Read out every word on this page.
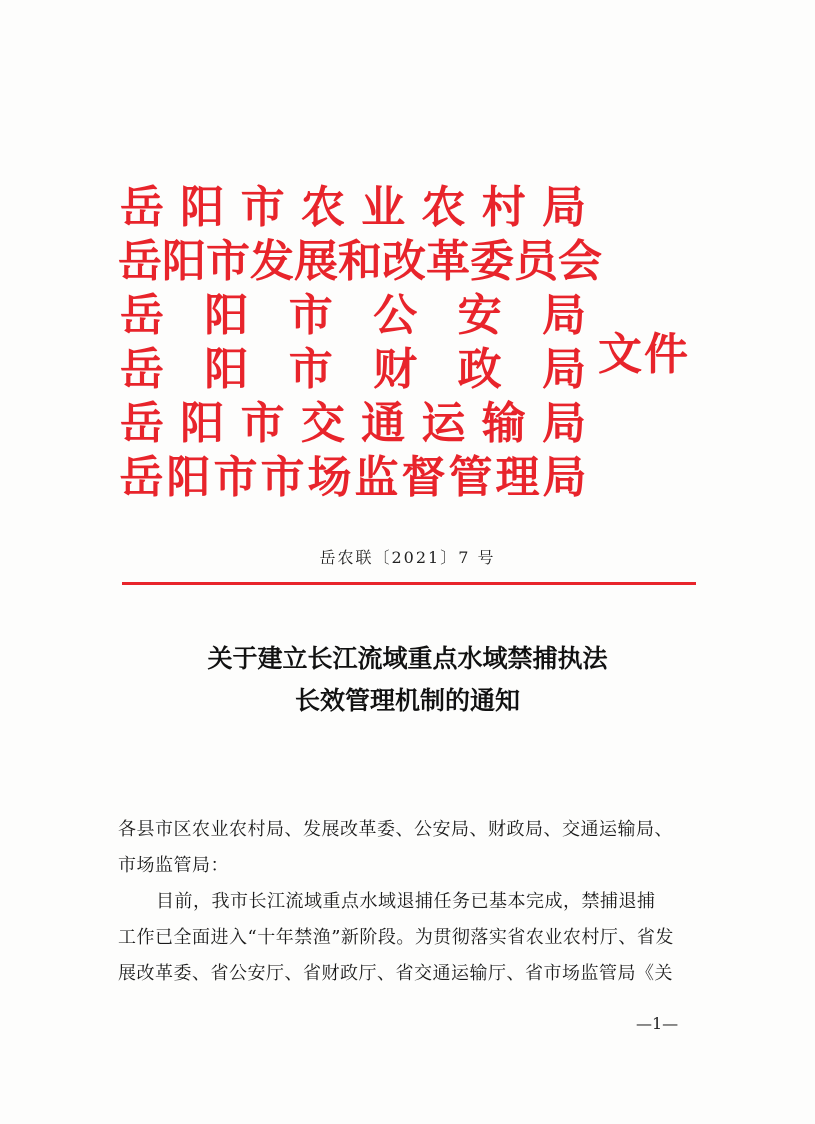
岳 阳 市 农 业 农 村 局
岳 阳 市 发 展 和 改 革 委 员 会
岳 阳 市 公 安 局
岳 阳 市 财 政 局
岳 阳 市 交 通 运 输 局
岳 阳 市 市 场 监 督 管 理 局
文件
岳农联〔2021〕7 号
关于建立长江流域重点水域禁捕执法
长效管理机制的通知

各县市区农业农村局、发展改革委、公安局、财政局、交通运输局、

市场监管局：

目前，我市长江流域重点水域退捕任务已基本完成，禁捕退捕

工作已全面进入“十年禁渔”新阶段。为贯彻落实省农业农村厅、省发

展改革委、省公安厅、省财政厅、省交通运输厅、省市场监管局《关

—1—
